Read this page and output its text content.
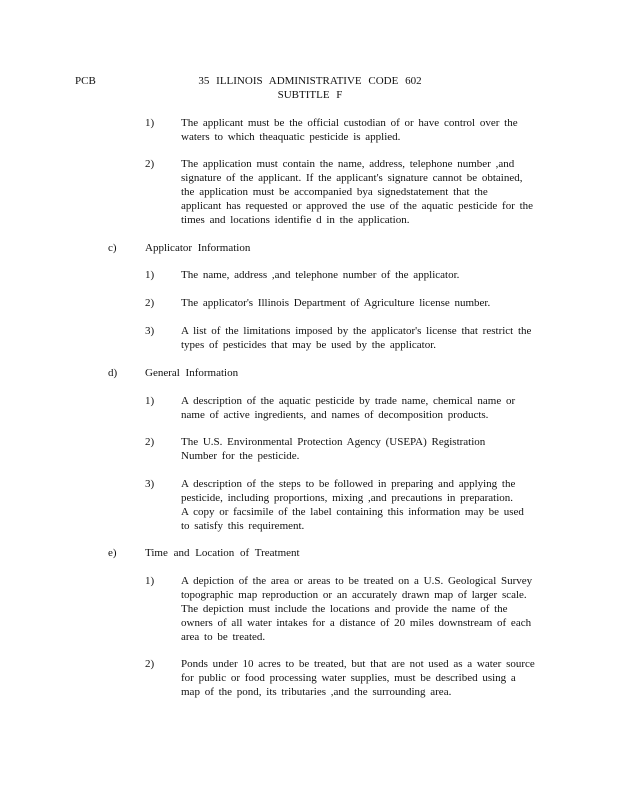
PCB	35 ILLINOIS ADMINISTRATIVE CODE 602
SUBTITLE F
1) The applicant must be the official custodian of or have control over the
waters to which theaquatic pesticide is applied.
2) The application must contain the name, address, telephone number ,and
signature of the applicant. If the applicant's signature cannot be obtained,
the application must be accompanied bya signedstatement that the
applicant has requested or approved the use of the aquatic pesticide for the
times and locations identifie d in the application.
c)	Applicator Information
1) The name, address ,and telephone number of the applicator.
2) The applicator's Illinois Department of Agriculture license number.
3) A list of the limitations imposed by the applicator's license that restrict the
types of pesticides that may be used by the applicator.
d)	General Information
1) A description of the aquatic pesticide by trade name, chemical name or
name of active ingredients, and names of decomposition products.
2) The U.S. Environmental Protection Agency (USEPA) Registration
Number for the pesticide.
3) A description of the steps to be followed in preparing and applying the
pesticide, including proportions, mixing ,and precautions in preparation.
A copy or facsimile of the label containing this information may be used
to satisfy this requirement.
e)	Time and Location of Treatment
1) A depiction of the area or areas to be treated on a U.S. Geological Survey
topographic map reproduction or an accurately drawn map of larger scale.
The depiction must include the locations and provide the name of the
owners of all water intakes for a distance of 20 miles downstream of each
area to be treated.
2) Ponds under 10 acres to be treated, but that are not used as a water source
for public or food processing water supplies, must be described using a
map of the pond, its tributaries ,and the surrounding area.
